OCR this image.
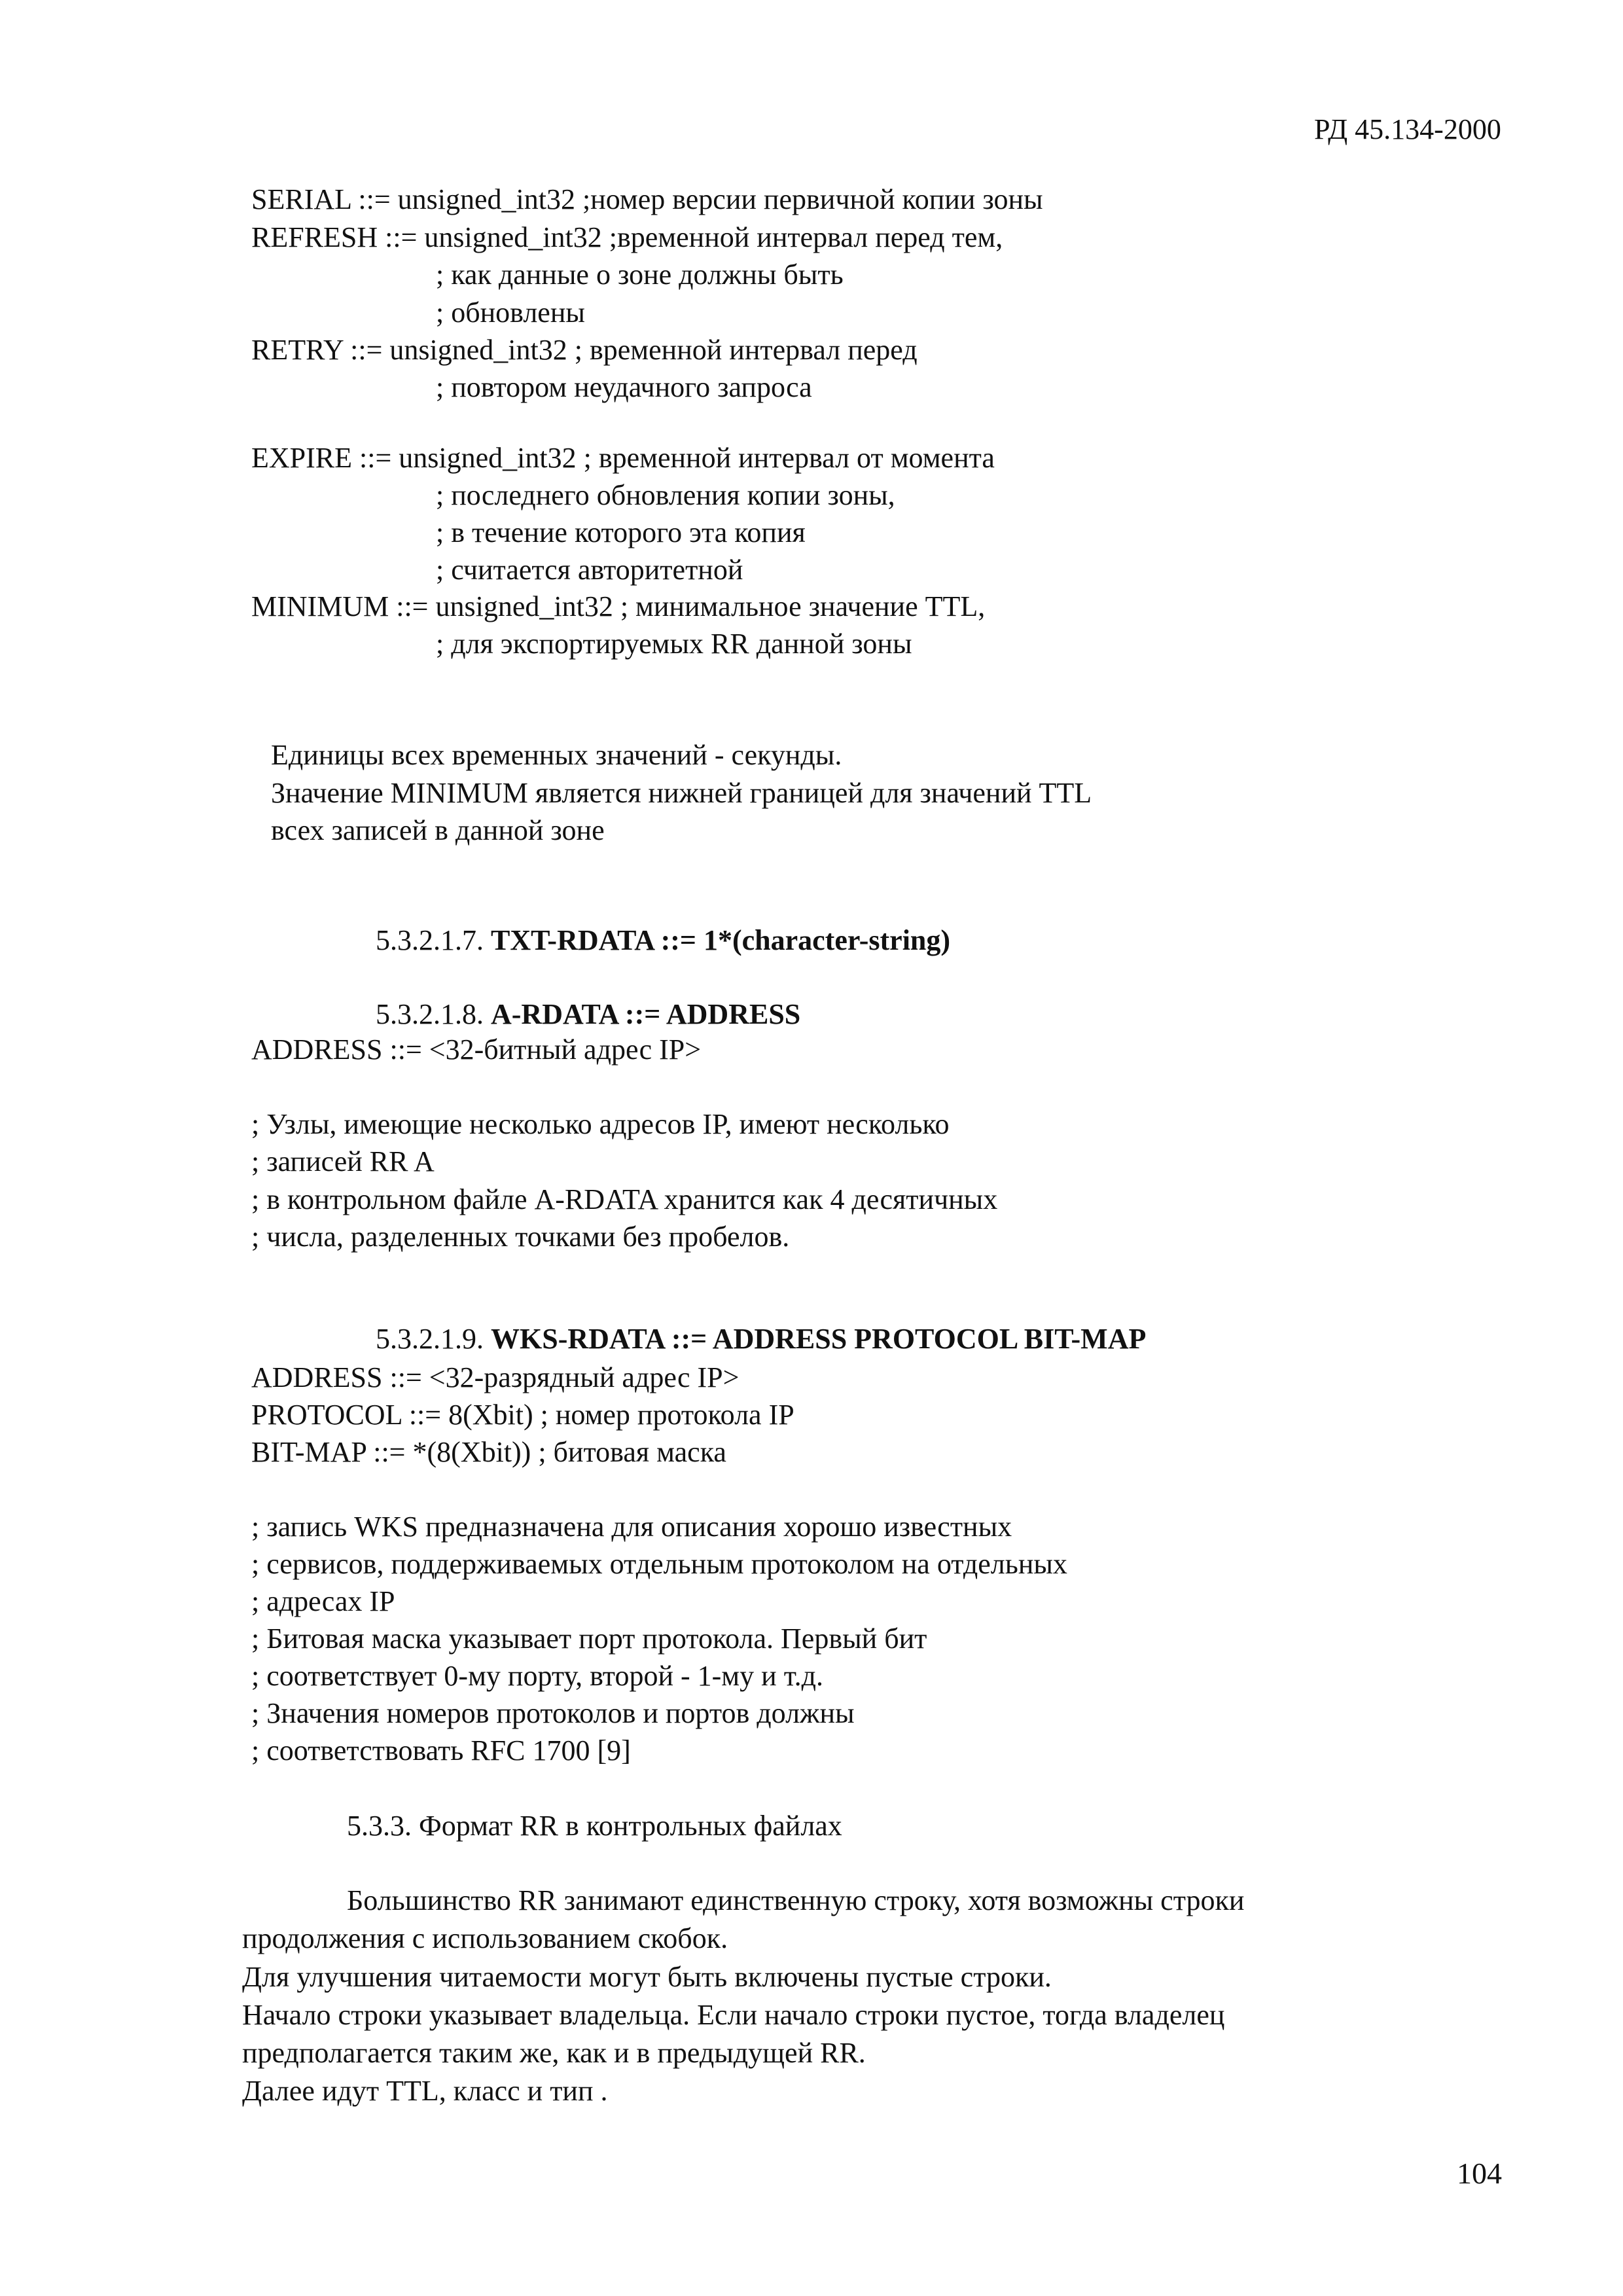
РД 45.134-2000
SERIAL ::= unsigned_int32 ;номер версии первичной копии зоны
REFRESH ::= unsigned_int32 ;временной интервал перед тем,
; как данные о зоне должны быть
; обновлены
RETRY ::= unsigned_int32 ; временной интервал перед
; повтором неудачного запроса
EXPIRE ::= unsigned_int32 ; временной интервал от момента
; последнего обновления копии зоны,
; в течение которого эта копия
; считается авторитетной
MINIMUM ::= unsigned_int32 ; минимальное значение TTL,
; для экспортируемых RR данной зоны
Единицы всех временных значений - секунды.
Значение MINIMUM является нижней границей для значений TTL
всех записей в данной зоне

5.3.2.1.7. TXT-RDATA ::= 1*(character-string)

5.3.2.1.8. A-RDATA ::= ADDRESS

ADDRESS ::= <32-битный адрес IP>
; Узлы, имеющие несколько адресов IP, имеют несколько
; записей RR A
; в контрольном файле A-RDATA хранится как 4 десятичных
; числа, разделенных точками без пробелов.

5.3.2.1.9. WKS-RDATA ::= ADDRESS PROTOCOL BIT-MAP

ADDRESS ::= <32-разрядный адрес IP>
PROTOCOL ::= 8(Xbit) ; номер протокола IP
BIT-MAP ::= *(8(Xbit)) ; битовая маска
; запись WKS предназначена для описания хорошо известных
; сервисов, поддерживаемых отдельным протоколом на отдельных
; адресах IP
; Битовая маска указывает порт протокола. Первый бит
; соответствует 0-му порту, второй - 1-му и т.д.
; Значения номеров протоколов и портов должны
; соответствовать RFC 1700 [9]
5.3.3. Формат RR в контрольных файлах
Большинство RR занимают единственную строку, хотя возможны строки
продолжения с использованием скобок.
Для улучшения читаемости могут быть включены пустые строки.
Начало строки указывает владельца. Если начало строки пустое, тогда владелец
предполагается таким же, как и в предыдущей RR.
Далее идут TTL, класс и тип .
104
